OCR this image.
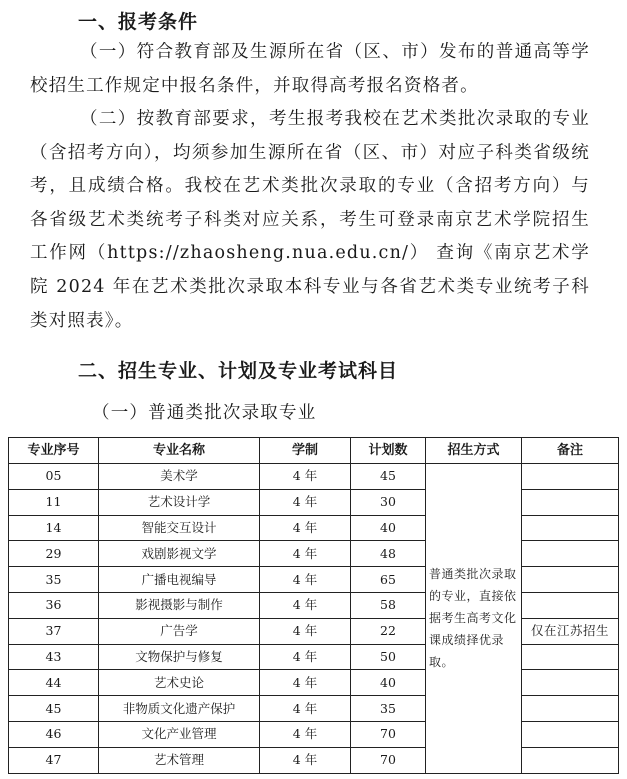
一、报考条件

（一）符合教育部及生源所在省（区、市）发布的普通高等学校招生工作规定中报名条件，并取得高考报名资格者。

（二）按教育部要求，考生报考我校在艺术类批次录取的专业（含招考方向），均须参加生源所在省（区、市）对应子科类省级统考，且成绩合格。我校在艺术类批次录取的专业（含招考方向）与各省级艺术类统考子科类对应关系，考生可登录南京艺术学院招生工作网（https://zhaosheng.nua.edu.cn/） 查询《南京艺术学院 2024 年在艺术类批次录取本科专业与各省艺术类专业统考子科类对照表》。

二、招生专业、计划及专业考试科目
（一）普通类批次录取专业
专业序号	专业名称	学制	计划数	招生方式	备注
05	美术学	4 年	45	普通类批次录取的专业，直接依据考生高考文化课成绩择优录取。	
11	艺术设计学	4 年	30		
14	智能交互设计	4 年	40		
29	戏剧影视文学	4 年	48		
35	广播电视编导	4 年	65		
36	影视摄影与制作	4 年	58		
37	广告学	4 年	22		仅在江苏招生
43	文物保护与修复	4 年	50		
44	艺术史论	4 年	40		
45	非物质文化遗产保护	4 年	35		
46	文化产业管理	4 年	70		
47	艺术管理	4 年	70		
